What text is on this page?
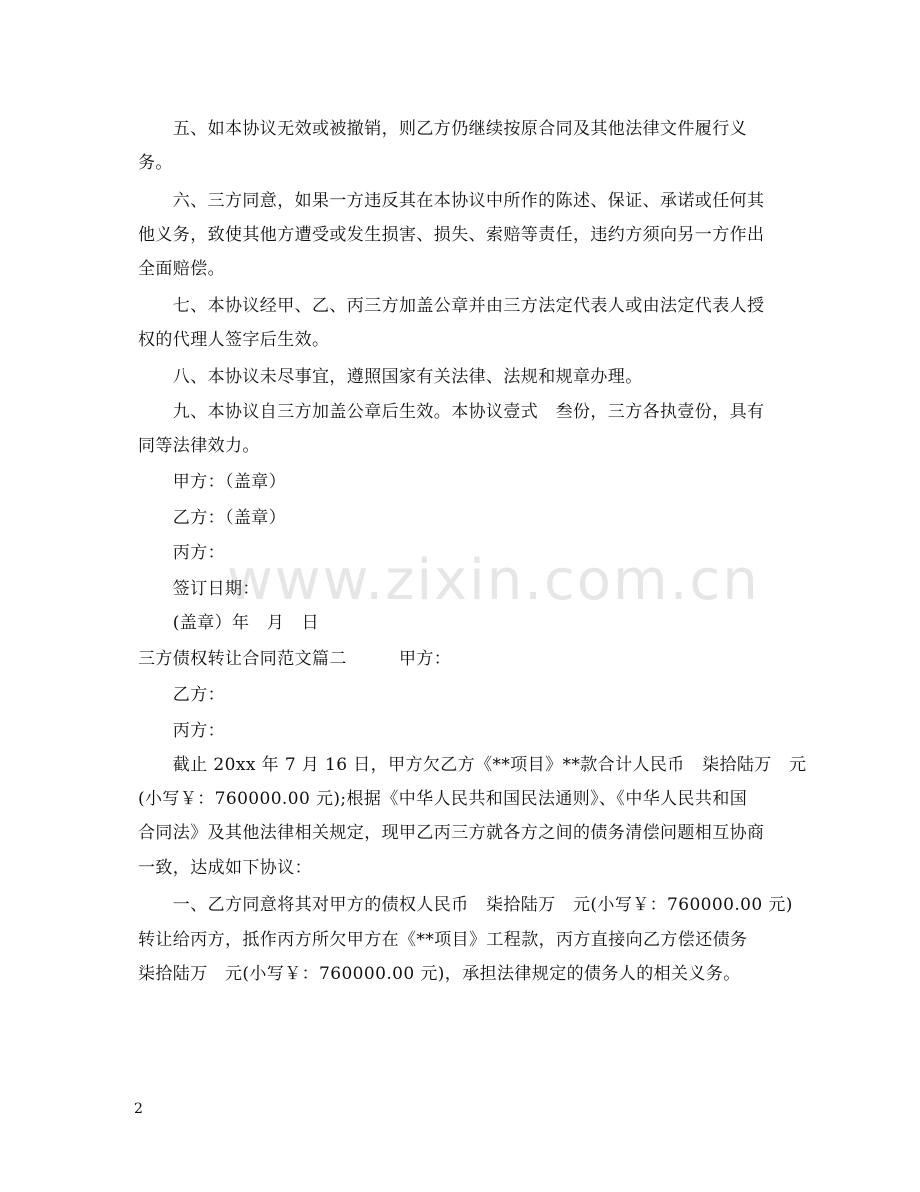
　　五、如本协议无效或被撤销，则乙方仍继续按原合同及其他法律文件履行义
务。
　　六、三方同意，如果一方违反其在本协议中所作的陈述、保证、承诺或任何其
他义务，致使其他方遭受或发生损害、损失、索赔等责任，违约方须向另一方作出
全面赔偿。
　　七、本协议经甲、乙、丙三方加盖公章并由三方法定代表人或由法定代表人授
权的代理人签字后生效。
　　八、本协议未尽事宜，遵照国家有关法律、法规和规章办理。
　　九、本协议自三方加盖公章后生效。本协议壹式　叁份，三方各执壹份，具有
同等法律效力。
　　甲方：（盖章）
　　乙方：（盖章）
　　丙方：
　　签订日期：
　　(盖章）年　月　日
三方债权转让合同范文篇二　　　甲方：
　　乙方：
　　丙方：
　　截止 20xx 年 7 月 16 日，甲方欠乙方《**项目》**款合计人民币　柒拾陆万　元
(小写￥：760000.00 元);根据《中华人民共和国民法通则》、《中华人民共和国
合同法》及其他法律相关规定，现甲乙丙三方就各方之间的债务清偿问题相互协商
一致，达成如下协议：
　　一、乙方同意将其对甲方的债权人民币　柒拾陆万　元(小写￥：760000.00 元)
转让给丙方，抵作丙方所欠甲方在《**项目》工程款，丙方直接向乙方偿还债务
柒拾陆万　元(小写￥：760000.00 元)，承担法律规定的债务人的相关义务。
www.zixin.com.cn
2
